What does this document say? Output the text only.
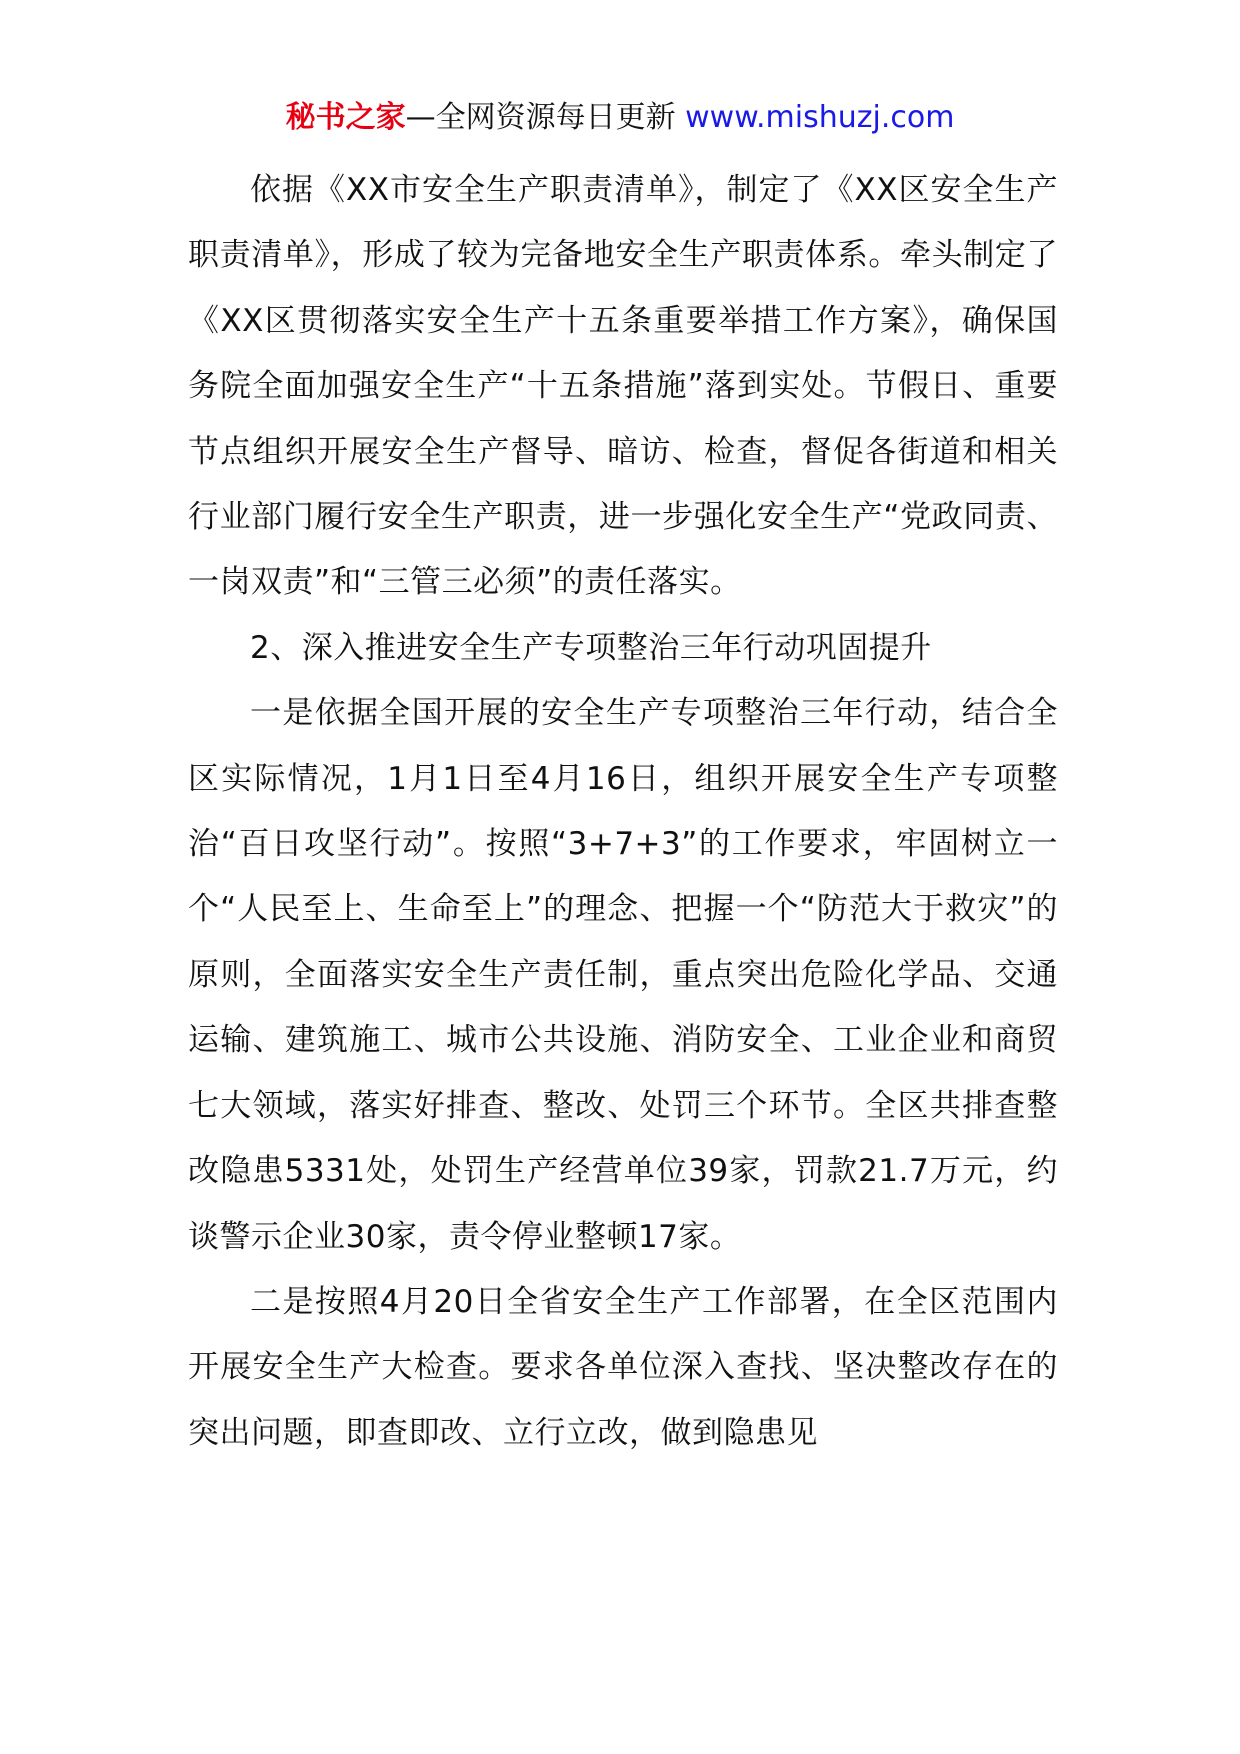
秘书之家—全网资源每日更新 www.mishuzj.com

依据《XX市安全生产职责清单》，制定了《XX区安全生产职责清单》，形成了较为完备地安全生产职责体系。牵头制定了《XX区贯彻落实安全生产十五条重要举措工作方案》，确保国务院全面加强安全生产“十五条措施”落到实处。节假日、重要节点组织开展安全生产督导、暗访、检查，督促各街道和相关行业部门履行安全生产职责，进一步强化安全生产“党政同责、一岗双责”和“三管三必须”的责任落实。

2、深入推进安全生产专项整治三年行动巩固提升

一是依据全国开展的安全生产专项整治三年行动，结合全区实际情况，1月1日至4月16日，组织开展安全生产专项整治“百日攻坚行动”。按照“3+7+3”的工作要求，牢固树立一个“人民至上、生命至上”的理念、把握一个“防范大于救灾”的原则，全面落实安全生产责任制，重点突出危险化学品、交通运输、建筑施工、城市公共设施、消防安全、工业企业和商贸七大领域，落实好排查、整改、处罚三个环节。全区共排查整改隐患5331处，处罚生产经营单位39家，罚款21.7万元，约谈警示企业30家，责令停业整顿17家。

二是按照4月20日全省安全生产工作部署，在全区范围内开展安全生产大检查。要求各单位深入查找、坚决整改存在的突出问题，即查即改、立行立改，做到隐患见
